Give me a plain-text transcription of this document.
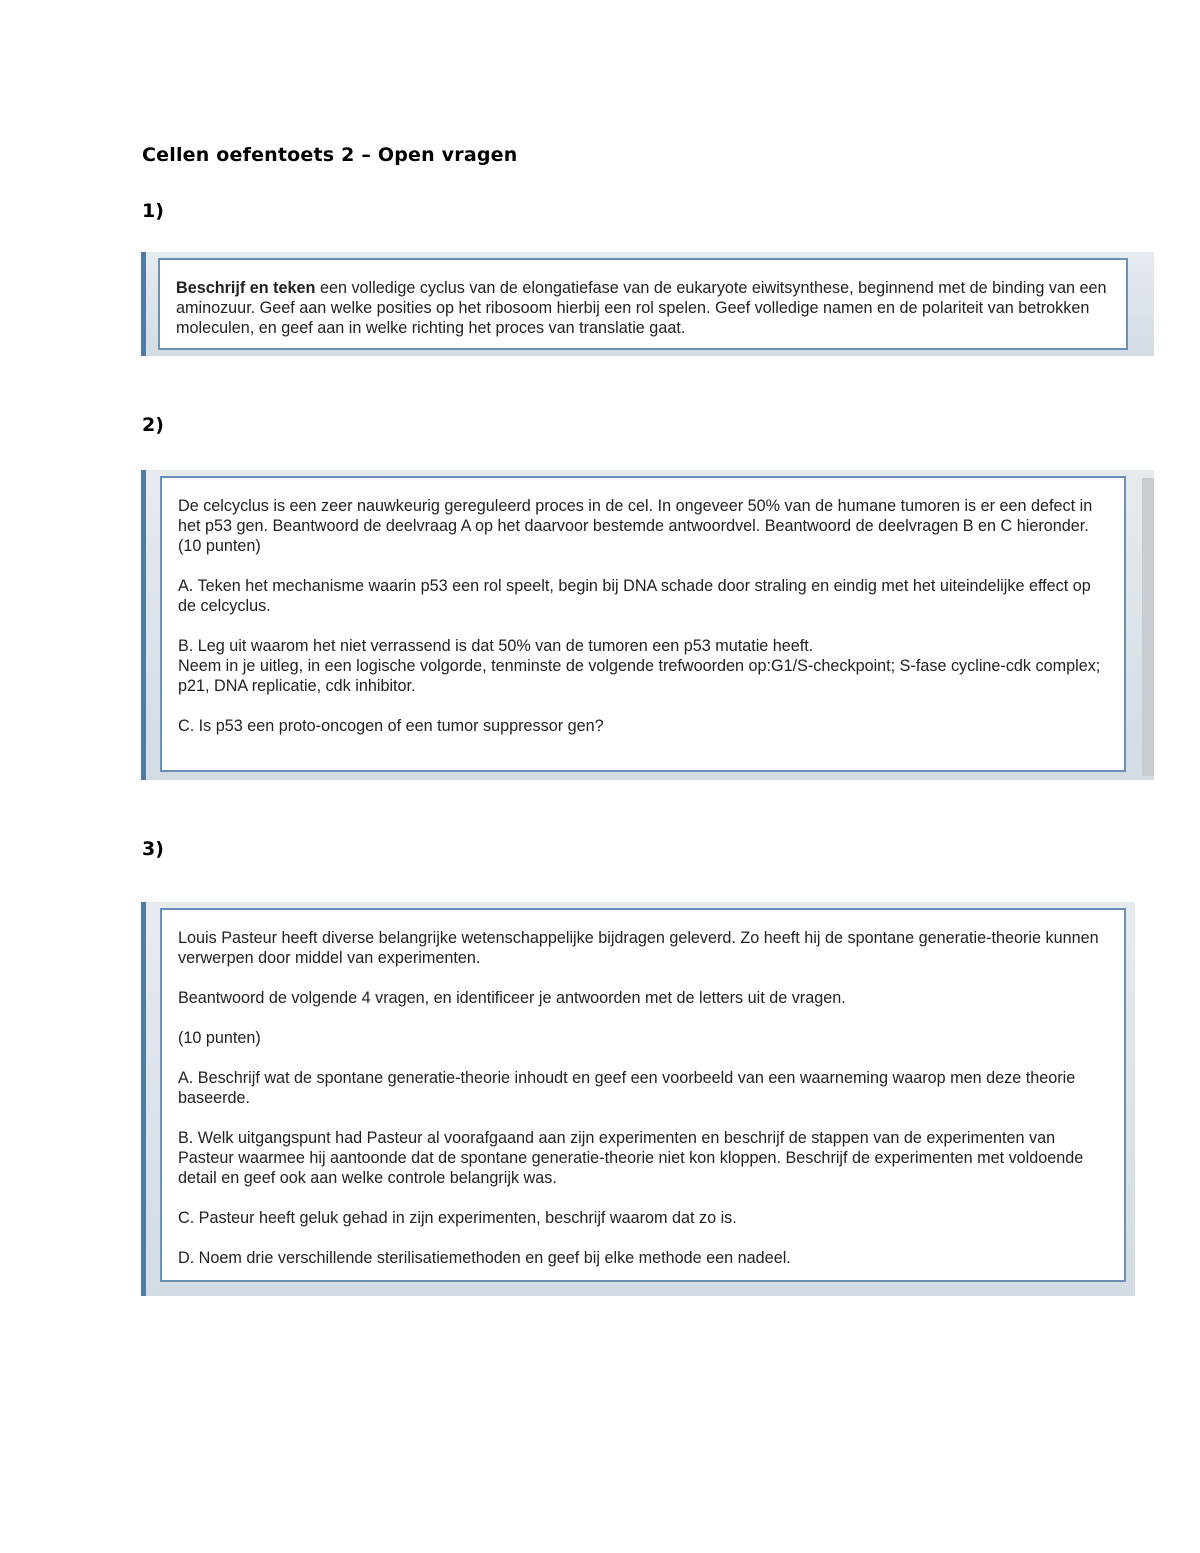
Cellen oefentoets 2 – Open vragen
1)
Beschrijf en teken een volledige cyclus van de elongatiefase van de eukaryote eiwitsynthese, beginnend met de binding van een aminozuur. Geef aan welke posities op het ribosoom hierbij een rol spelen. Geef volledige namen en de polariteit van betrokken moleculen, en geef aan in welke richting het proces van translatie gaat.
2)

De celcyclus is een zeer nauwkeurig gereguleerd proces in de cel. In ongeveer 50% van de humane tumoren is er een defect in het p53 gen. Beantwoord de deelvraag A op het daarvoor bestemde antwoordvel. Beantwoord de deelvragen B en C hieronder.

(10 punten)

A. Teken het mechanisme waarin p53 een rol speelt, begin bij DNA schade door straling en eindig met het uiteindelijke effect op de celcyclus.

B. Leg uit waarom het niet verrassend is dat 50% van de tumoren een p53 mutatie heeft.

Neem in je uitleg, in een logische volgorde, tenminste de volgende trefwoorden op:G1/S-checkpoint; S-fase cycline-cdk complex; p21, DNA replicatie, cdk inhibitor.

C. Is p53 een proto-oncogen of een tumor suppressor gen?

3)

Louis Pasteur heeft diverse belangrijke wetenschappelijke bijdragen geleverd. Zo heeft hij de spontane generatie-theorie kunnen verwerpen door middel van experimenten.

Beantwoord de volgende 4 vragen, en identificeer je antwoorden met de letters uit de vragen.

(10 punten)

A. Beschrijf wat de spontane generatie-theorie inhoudt en geef een voorbeeld van een waarneming waarop men deze theorie baseerde.

B. Welk uitgangspunt had Pasteur al voorafgaand aan zijn experimenten en beschrijf de stappen van de experimenten van Pasteur waarmee hij aantoonde dat de spontane generatie-theorie niet kon kloppen. Beschrijf de experimenten met voldoende detail en geef ook aan welke controle belangrijk was.

C. Pasteur heeft geluk gehad in zijn experimenten, beschrijf waarom dat zo is.

D. Noem drie verschillende sterilisatiemethoden en geef bij elke methode een nadeel.
